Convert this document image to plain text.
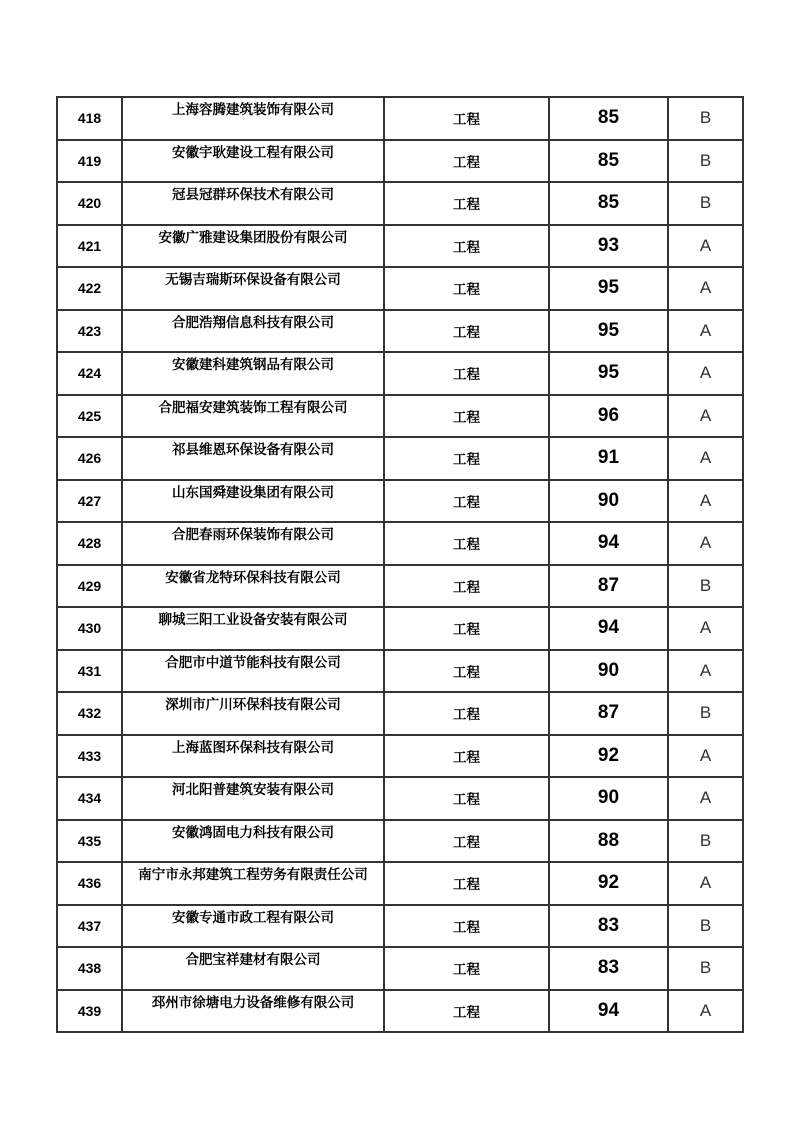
418	上海容腾建筑装饰有限公司	工程	85	B
419	安徽宇耿建设工程有限公司	工程	85	B
420	冠县冠群环保技术有限公司	工程	85	B
421	安徽广雅建设集团股份有限公司	工程	93	A
422	无锡吉瑞斯环保设备有限公司	工程	95	A
423	合肥浩翔信息科技有限公司	工程	95	A
424	安徽建科建筑钢品有限公司	工程	95	A
425	合肥福安建筑装饰工程有限公司	工程	96	A
426	祁县维恩环保设备有限公司	工程	91	A
427	山东国舜建设集团有限公司	工程	90	A
428	合肥春雨环保装饰有限公司	工程	94	A
429	安徽省龙特环保科技有限公司	工程	87	B
430	聊城三阳工业设备安装有限公司	工程	94	A
431	合肥市中道节能科技有限公司	工程	90	A
432	深圳市广川环保科技有限公司	工程	87	B
433	上海蓝图环保科技有限公司	工程	92	A
434	河北阳普建筑安装有限公司	工程	90	A
435	安徽鸿固电力科技有限公司	工程	88	B
436	南宁市永邦建筑工程劳务有限责任公司	工程	92	A
437	安徽专通市政工程有限公司	工程	83	B
438	合肥宝祥建材有限公司	工程	83	B
439	邳州市徐塘电力设备维修有限公司	工程	94	A
